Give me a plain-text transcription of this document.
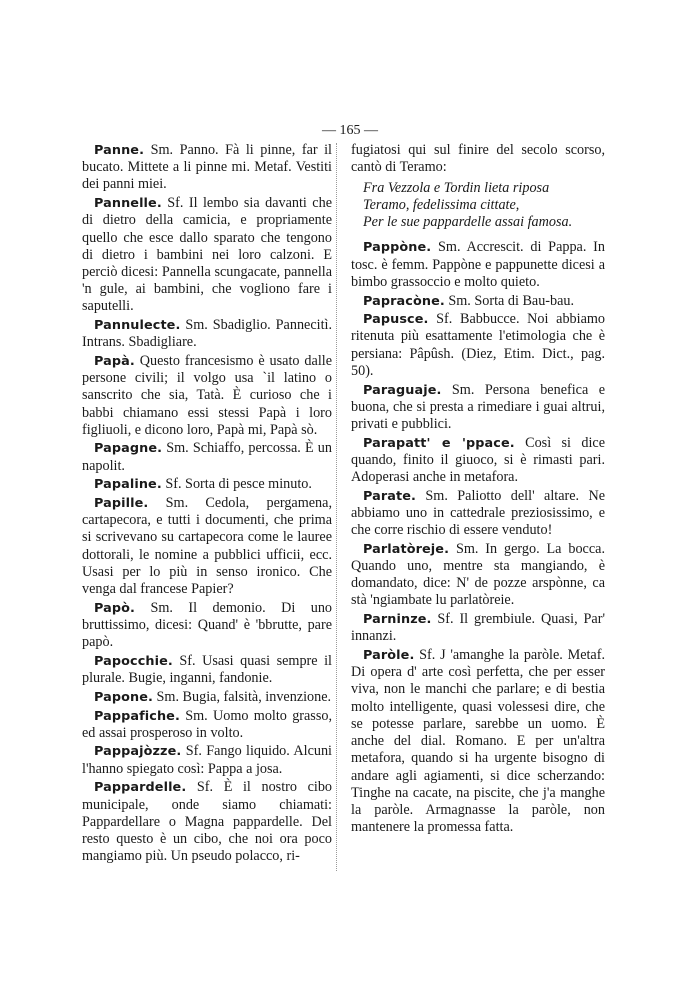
— 165 —

Panne. Sm. Panno. Fà li pinne, far il bucato. Mittete a li pinne mi. Metaf. Vestiti dei panni miei.

Pannelle. Sf. Il lembo sia davanti che di dietro della camicia, e propriamente quello che esce dallo sparato che tengono di dietro i bambini nei loro calzoni. E perciò dicesi: Pannella scungacate, pannella 'n gule, ai bambini, che vogliono fare i saputelli.

Pannulecte. Sm. Sbadiglio. Pannecitì. Intrans. Sbadigliare.

Papà. Questo francesismo è usato dalle persone civili; il volgo usa `il latino o sanscrito che sia, Tatà. È curioso che i babbi chiamano essi stessi Papà i loro figliuoli, e dicono loro, Papà mi, Papà sò.

Papagne. Sm. Schiaffo, percossa. È un napolit.

Papaline. Sf. Sorta di pesce minuto.

Papille. Sm. Cedola, pergamena, cartapecora, e tutti i documenti, che prima si scrivevano su cartapecora come le lauree dottorali, le nomine a pubblici ufficii, ecc. Usasi per lo più in senso ironico. Che venga dal francese Papier?

Papò. Sm. Il demonio. Di uno bruttissimo, dicesi: Quand' è 'bbrutte, pare papò.

Papocchie. Sf. Usasi quasi sempre il plurale. Bugie, inganni, fandonie.

Papone. Sm. Bugia, falsità, invenzione.

Pappafiche. Sm. Uomo molto grasso, ed assai prosperoso in volto.

Pappajòzze. Sf. Fango liquido. Alcuni l'hanno spiegato così: Pappa a josa.

Pappardelle. Sf. È il nostro cibo municipale, onde siamo chiamati: Pappardellare o Magna pappardelle. Del resto questo è un cibo, che noi ora poco mangiamo più. Un pseudo polacco, ri-

fugiatosi qui sul finire del secolo scorso, cantò di Teramo:

Fra Vezzola e Tordin lieta riposa
Teramo, fedelissima cittate,
Per le sue pappardelle assai famosa.

Pappòne. Sm. Accrescit. di Pappa. In tosc. è femm. Pappòne e pappunette dicesi a bimbo grassoccio e molto quieto.

Papracòne. Sm. Sorta di Bau-bau.

Papusce. Sf. Babbucce. Noi abbiamo ritenuta più esattamente l'etimologia che è persiana: Pâpûsh. (Diez, Etim. Dict., pag. 50).

Paraguaje. Sm. Persona benefica e buona, che si presta a rimediare i guai altrui, privati e pubblici.

Parapatt' e 'ppace. Così si dice quando, finito il giuoco, si è rimasti pari. Adoperasi anche in metafora.

Parate. Sm. Paliotto dell' altare. Ne abbiamo uno in cattedrale preziosissimo, e che corre rischio di essere venduto!

Parlatòreje. Sm. In gergo. La bocca. Quando uno, mentre sta mangiando, è domandato, dice: N' de pozze arspònne, ca stà 'ngiambate lu parlatòreie.

Parninze. Sf. Il grembiule. Quasi, Par' innanzi.

Paròle. Sf. J 'amanghe la paròle. Metaf. Di opera d' arte così perfetta, che per esser viva, non le manchi che parlare; e di bestia molto intelligente, quasi volessesi dire, che se potesse parlare, sarebbe un uomo. È anche del dial. Romano. E per un'altra metafora, quando si ha urgente bisogno di andare agli agiamenti, si dice scherzando: Tinghe na cacate, na piscite, che j'a manghe la paròle. Armagnasse la paròle, non mantenere la promessa fatta.
